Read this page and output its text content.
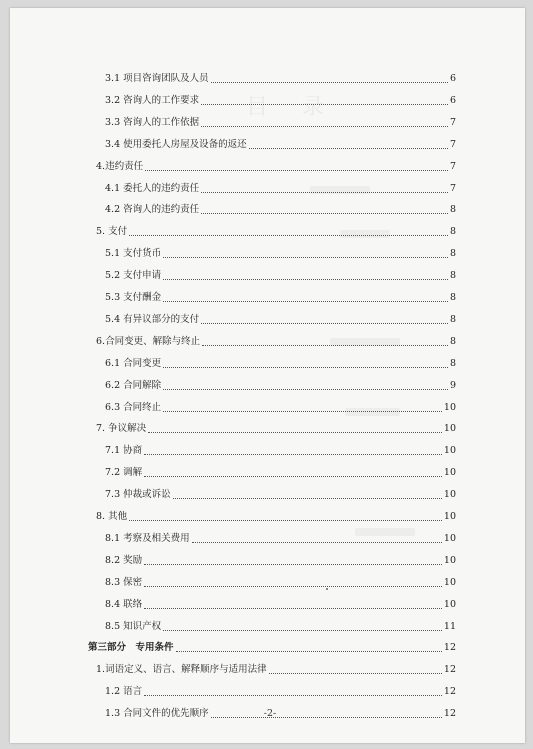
目　录
3.1 项目咨询团队及人员	6
3.2 咨询人的工作要求	6
3.3 咨询人的工作依据	7
3.4 使用委托人房屋及设备的返还	7
4.违约责任	7
4.1 委托人的违约责任	7
4.2 咨询人的违约责任	8
5. 支付	8
5.1 支付货币	8
5.2 支付申请	8
5.3 支付酬金	8
5.4 有异议部分的支付	8
6.合同变更、解除与终止	8
6.1 合同变更	8
6.2 合同解除	9
6.3 合同终止	10
7. 争议解决	10
7.1 协商	10
7.2 调解	10
7.3 仲裁或诉讼	10
8. 其他	10
8.1 考察及相关费用	10
8.2 奖励	10
8.3 保密	10
8.4 联络	10
8.5 知识产权	11
第三部分　专用条件	12
1.词语定义、语言、解释顺序与适用法律	12
1.2 语言	12
1.3 合同文件的优先顺序	12
-2-
